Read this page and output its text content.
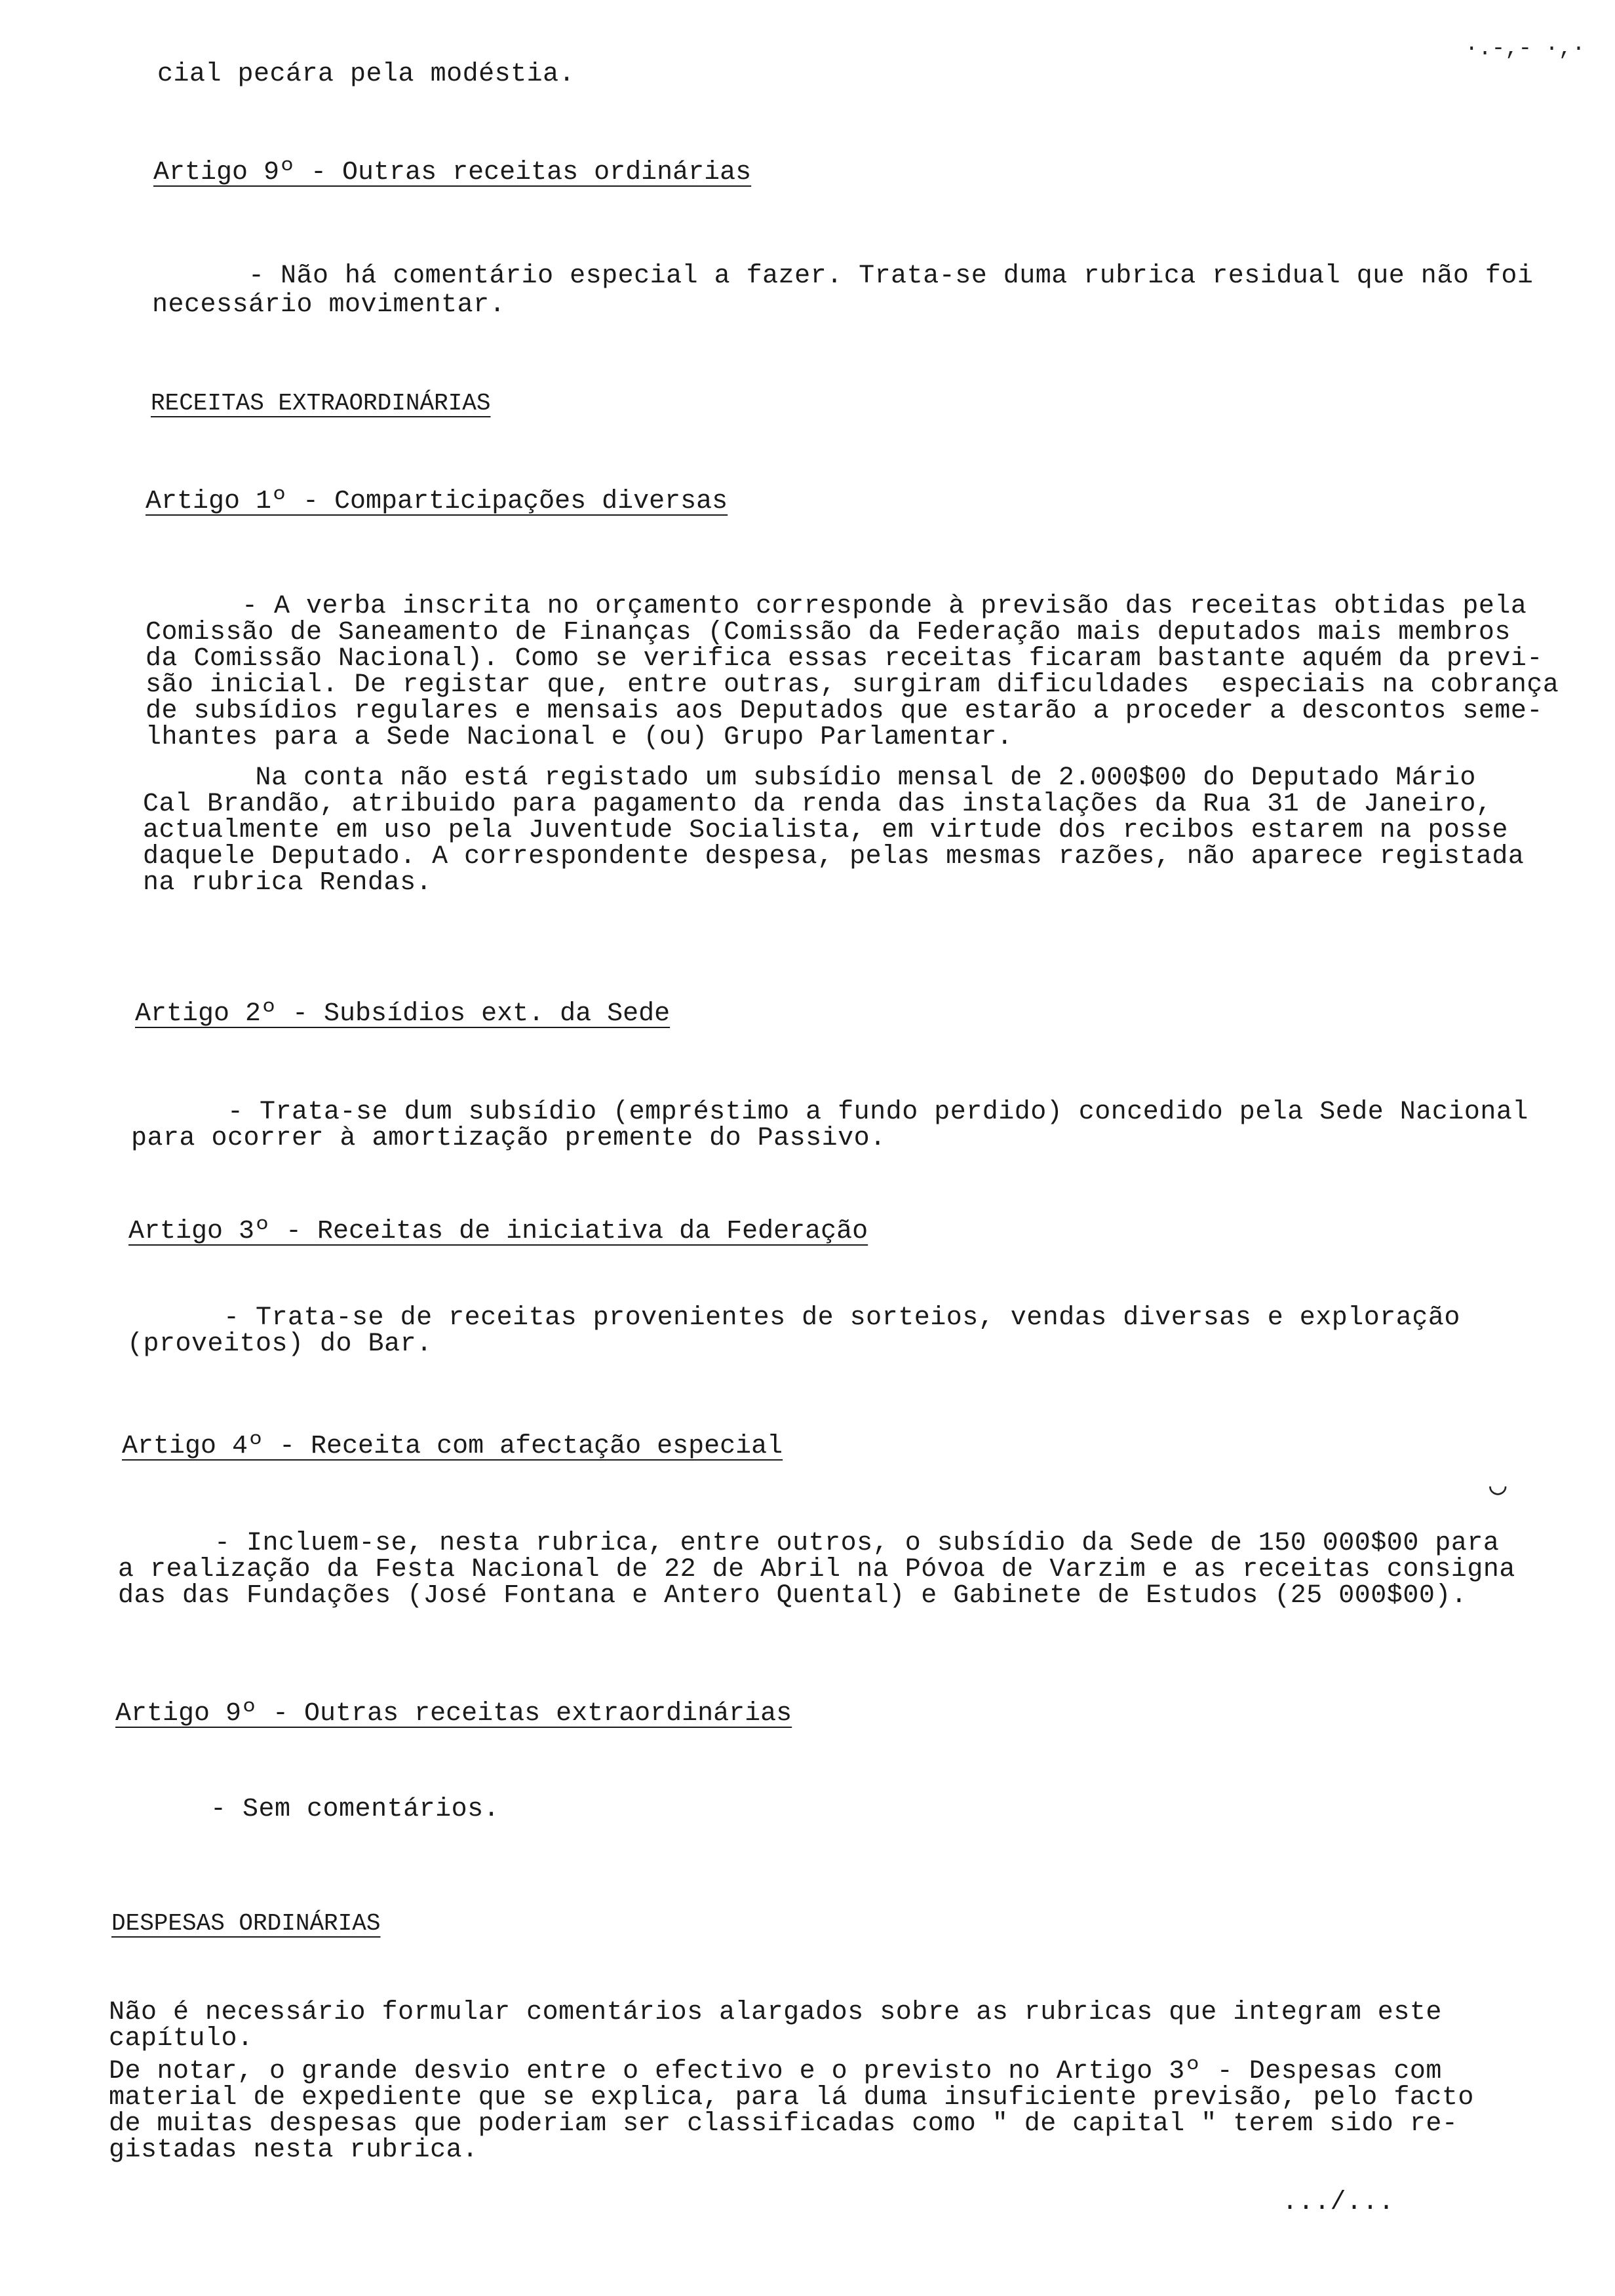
cial pecára pela modéstia.
·.-,- ·,·
Artigo 9º - Outras receitas ordinárias
- Não há comentário especial a fazer. Trata-se duma rubrica residual que não foi
necessário movimentar.
RECEITAS EXTRAORDINÁRIAS
Artigo 1º - Comparticipações diversas
- A verba inscrita no orçamento corresponde à previsão das receitas obtidas pela
Comissão de Saneamento de Finanças (Comissão da Federação mais deputados mais membros
da Comissão Nacional). Como se verifica essas receitas ficaram bastante aquém da previ-
são inicial. De registar que, entre outras, surgiram dificuldades  especiais na cobrança
de subsídios regulares e mensais aos Deputados que estarão a proceder a descontos seme-
lhantes para a Sede Nacional e (ou) Grupo Parlamentar.
Na conta não está registado um subsídio mensal de 2.000$00 do Deputado Mário
Cal Brandão, atribuido para pagamento da renda das instalações da Rua 31 de Janeiro,
actualmente em uso pela Juventude Socialista, em virtude dos recibos estarem na posse
daquele Deputado. A correspondente despesa, pelas mesmas razões, não aparece registada
na rubrica Rendas.
Artigo 2º - Subsídios ext. da Sede
- Trata-se dum subsídio (empréstimo a fundo perdido) concedido pela Sede Nacional
para ocorrer à amortização premente do Passivo.
Artigo 3º - Receitas de iniciativa da Federação
- Trata-se de receitas provenientes de sorteios, vendas diversas e exploração
(proveitos) do Bar.
Artigo 4º - Receita com afectação especial
◡
- Incluem-se, nesta rubrica, entre outros, o subsídio da Sede de 150 000$00 para
a realização da Festa Nacional de 22 de Abril na Póvoa de Varzim e as receitas consigna
das das Fundações (José Fontana e Antero Quental) e Gabinete de Estudos (25 000$00).
Artigo 9º - Outras receitas extraordinárias
- Sem comentários.
DESPESAS ORDINÁRIAS
Não é necessário formular comentários alargados sobre as rubricas que integram este
capítulo.
De notar, o grande desvio entre o efectivo e o previsto no Artigo 3º - Despesas com
material de expediente que se explica, para lá duma insuficiente previsão, pelo facto
de muitas despesas que poderiam ser classificadas como " de capital " terem sido re-
gistadas nesta rubrica.
.../...
